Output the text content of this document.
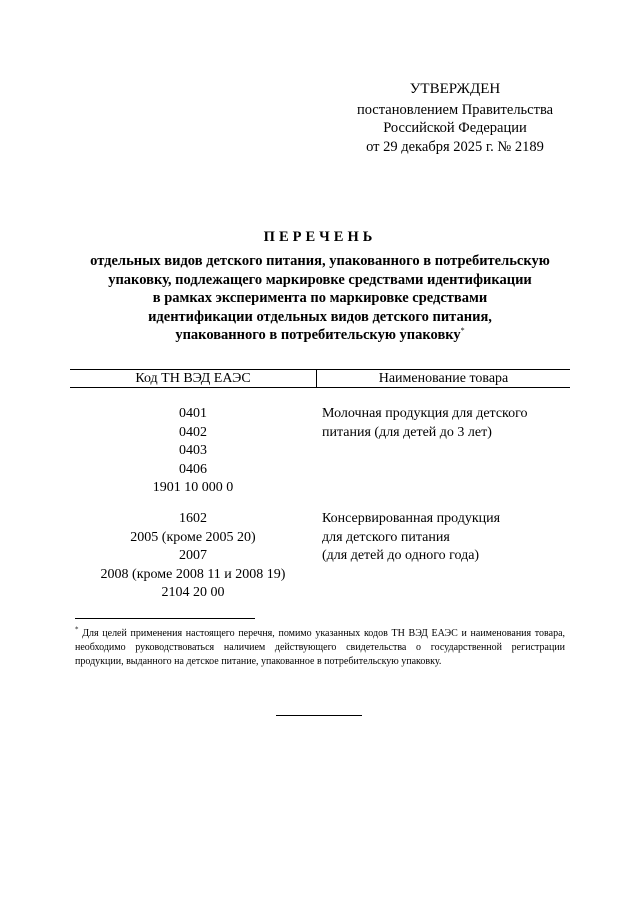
УТВЕРЖДЕН
постановлением Правительства
Российской Федерации
от 29 декабря 2025 г. № 2189
ПЕРЕЧЕНЬ
отдельных видов детского питания, упакованного в потребительскую
упаковку, подлежащего маркировке средствами идентификации
в рамках эксперимента по маркировке средствами
идентификации отдельных видов детского питания,
упакованного в потребительскую упаковку*
Код ТН ВЭД ЕАЭС	Наименование товара
0401
0402
0403
0406
1901 10 000 0
Молочная продукция для детского
питания (для детей до 3 лет)
1602
2005 (кроме 2005 20)
2007
2008 (кроме 2008 11 и 2008 19)
2104 20 00
Консервированная продукция
для детского питания
(для детей до одного года)
* Для целей применения настоящего перечня, помимо указанных кодов ТН ВЭД ЕАЭС и наименования товара, необходимо руководствоваться наличием действующего свидетельства о государственной регистрации продукции, выданного на детское питание, упакованное в потребительскую упаковку.
